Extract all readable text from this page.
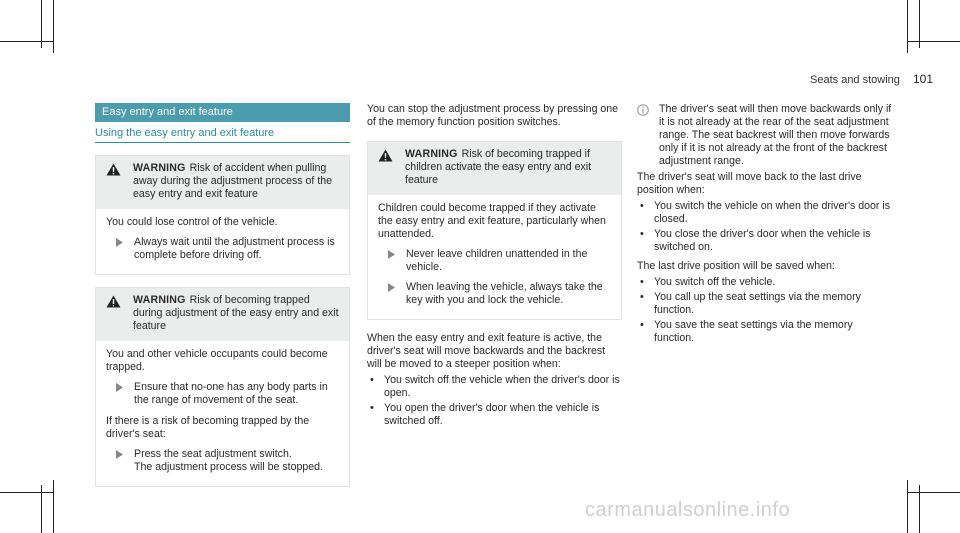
Seats and stowing 101
Easy entry and exit feature
Using the easy entry and exit feature
WARNING Risk of accident when pulling away during the adjustment process of the easy entry and exit feature

You could lose control of the vehicle.

Always wait until the adjustment process is complete before driving off.
WARNING Risk of becoming trapped during adjustment of the easy entry and exit feature

You and other vehicle occupants could become trapped.

Ensure that no-one has any body parts in the range of movement of the seat.

If there is a risk of becoming trapped by the driver's seat:

Press the seat adjustment switch.
The adjustment process will be stopped.

You can stop the adjustment process by pressing one of the memory function position switches.

WARNING Risk of becoming trapped if children activate the easy entry and exit feature

Children could become trapped if they activate the easy entry and exit feature, particularly when unattended.

Never leave children unattended in the vehicle.
When leaving the vehicle, always take the key with you and lock the vehicle.

When the easy entry and exit feature is active, the driver's seat will move backwards and the backrest will be moved to a steeper position when:

• You switch off the vehicle when the driver's door is open.
• You open the driver's door when the vehicle is switched off.
The driver's seat will then move backwards only if it is not already at the rear of the seat adjustment range. The seat backrest will then move forwards only if it is not already at the front of the backrest adjustment range.

The driver's seat will move back to the last drive position when:

• You switch the vehicle on when the driver's door is closed.
• You close the driver's door when the vehicle is switched on.

The last drive position will be saved when:

• You switch off the vehicle.
• You call up the seat settings via the memory function.
• You save the seat settings via the memory function.
carmanualsonline.info
